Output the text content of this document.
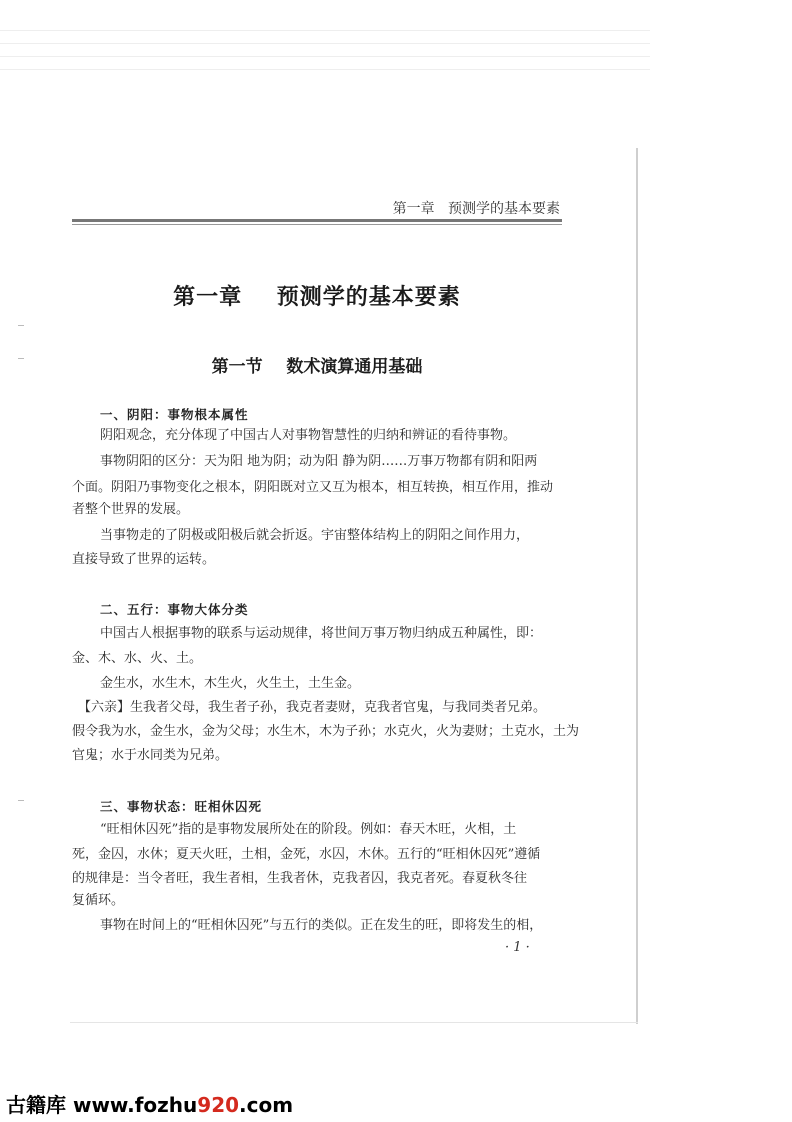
第一章   预测学的基本要素
第一章    预测学的基本要素
第一节    数术演算通用基础
一、阴阳：事物根本属性
阴阳观念，充分体现了中国古人对事物智慧性的归纳和辨证的看待事物。
事物阴阳的区分：天为阳 地为阴；动为阳 静为阴……万事万物都有阴和阳两
个面。阴阳乃事物变化之根本，阴阳既对立又互为根本，相互转换，相互作用，推动
者整个世界的发展。
当事物走的了阴极或阳极后就会折返。宇宙整体结构上的阴阳之间作用力，
直接导致了世界的运转。
二、五行：事物大体分类
中国古人根据事物的联系与运动规律，将世间万事万物归纳成五种属性，即：
金、木、水、火、土。
金生水，水生木，木生火，火生土，土生金。
【六亲】生我者父母，我生者子孙，我克者妻财，克我者官鬼，与我同类者兄弟。
假令我为水，金生水，金为父母；水生木，木为子孙；水克火，火为妻财；土克水，土为
官鬼；水于水同类为兄弟。
三、事物状态：旺相休囚死
“旺相休囚死”指的是事物发展所处在的阶段。例如：春天木旺，火相，土
死，金囚，水休；夏天火旺，土相，金死，水囚，木休。五行的“旺相休囚死”遵循
的规律是：当令者旺，我生者相，生我者休，克我者囚，我克者死。春夏秋冬往
复循环。
事物在时间上的“旺相休囚死”与五行的类似。正在发生的旺，即将发生的相，
· 1 ·
古籍库 www.fozhu920.com
